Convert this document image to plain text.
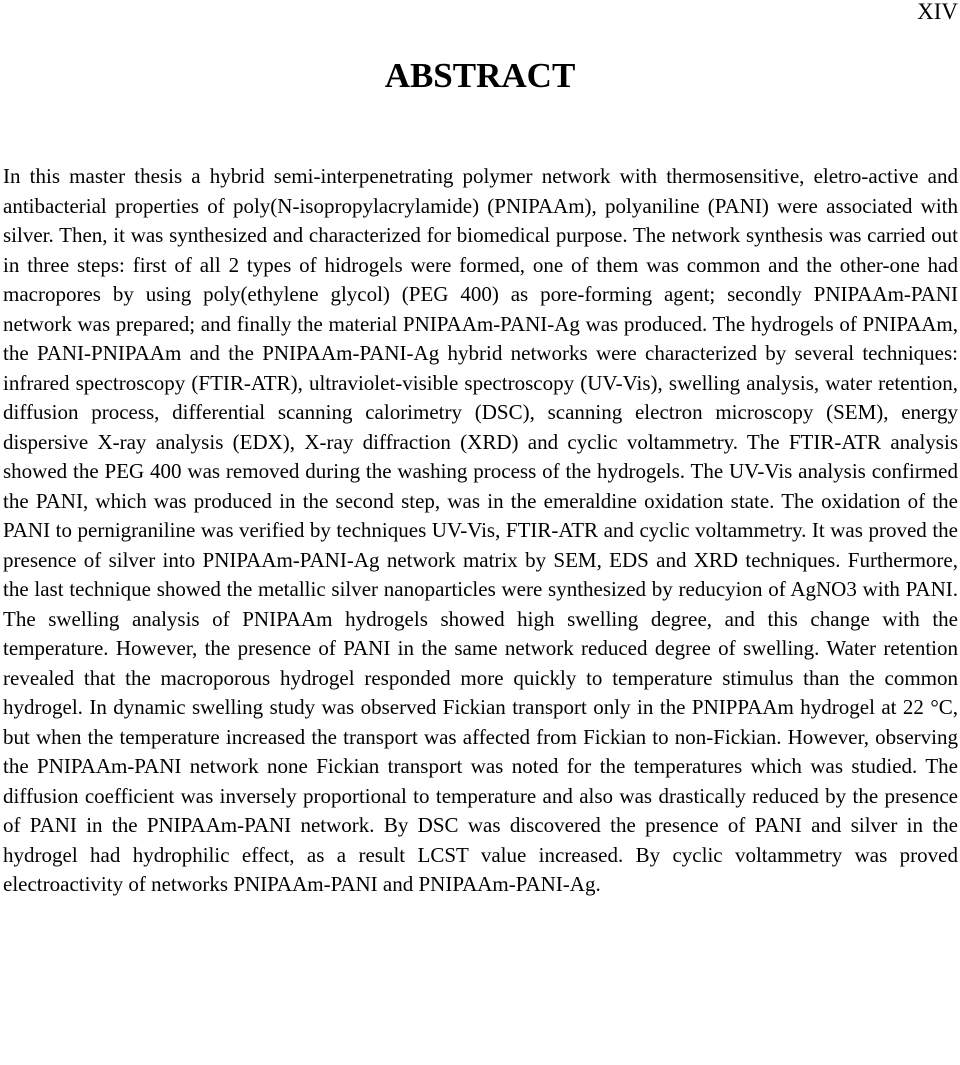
XIV
ABSTRACT

In this master thesis a hybrid semi-interpenetrating polymer network with thermosensitive, eletro-active and antibacterial properties of poly(N-isopropylacrylamide) (PNIPAAm), polyaniline (PANI) were associated with silver. Then, it was synthesized and characterized for biomedical purpose. The network synthesis was carried out in three steps: first of all 2 types of hidrogels were formed, one of them was common and the other-one had macropores by using poly(ethylene glycol) (PEG 400) as pore-forming agent; secondly PNIPAAm-PANI network was prepared; and finally the material PNIPAAm-PANI-Ag was produced. The hydrogels of PNIPAAm, the PANI-PNIPAAm and the PNIPAAm-PANI-Ag hybrid networks were characterized by several techniques: infrared spectroscopy (FTIR-ATR), ultraviolet-visible spectroscopy (UV-Vis), swelling analysis, water retention, diffusion process, differential scanning calorimetry (DSC), scanning electron microscopy (SEM), energy dispersive X-ray analysis (EDX), X-ray diffraction (XRD) and cyclic voltammetry. The FTIR-ATR analysis showed the PEG 400 was removed during the washing process of the hydrogels. The UV-Vis analysis confirmed the PANI, which was produced in the second step, was in the emeraldine oxidation state. The oxidation of the PANI to pernigraniline was verified by techniques UV-Vis, FTIR-ATR and cyclic voltammetry. It was proved the presence of silver into PNIPAAm-PANI-Ag network matrix by SEM, EDS and XRD techniques. Furthermore, the last technique showed the metallic silver nanoparticles were synthesized by reducyion of AgNO3 with PANI. The swelling analysis of PNIPAAm hydrogels showed high swelling degree, and this change with the temperature. However, the presence of PANI in the same network reduced degree of swelling. Water retention revealed that the macroporous hydrogel responded more quickly to temperature stimulus than the common hydrogel. In dynamic swelling study was observed Fickian transport only in the PNIPPAAm hydrogel at 22 °C, but when the temperature increased the transport was affected from Fickian to non-Fickian. However, observing the PNIPAAm-PANI network none Fickian transport was noted for the temperatures which was studied. The diffusion coefficient was inversely proportional to temperature and also was drastically reduced by the presence of PANI in the PNIPAAm-PANI network. By DSC was discovered the presence of PANI and silver in the hydrogel had hydrophilic effect, as a result LCST value increased. By cyclic voltammetry was proved electroactivity of networks PNIPAAm-PANI and PNIPAAm-PANI-Ag.
